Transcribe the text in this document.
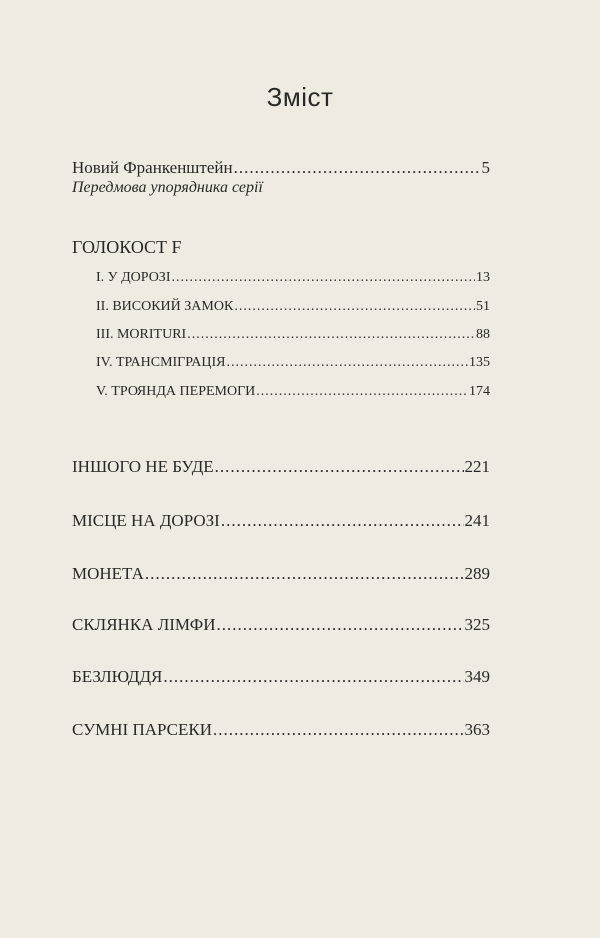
Зміст
Новий Франкенштейн .....	5
Передмова упорядника серії
ГОЛОКОСТ F
I. У ДОРОЗІ .....	13
II. ВИСОКИЙ ЗАМОК .....	51
III. MORITURI .....	88
IV. ТРАНСМІГРАЦІЯ .....	135
V. ТРОЯНДА ПЕРЕМОГИ .....	174
ІНШОГО НЕ БУДЕ .....	221
МІСЦЕ НА ДОРОЗІ .....	241
МОНЕТА .....	289
СКЛЯНКА ЛІМФИ .....	325
БЕЗЛЮДДЯ .....	349
СУМНІ ПАРСЕКИ .....	363
